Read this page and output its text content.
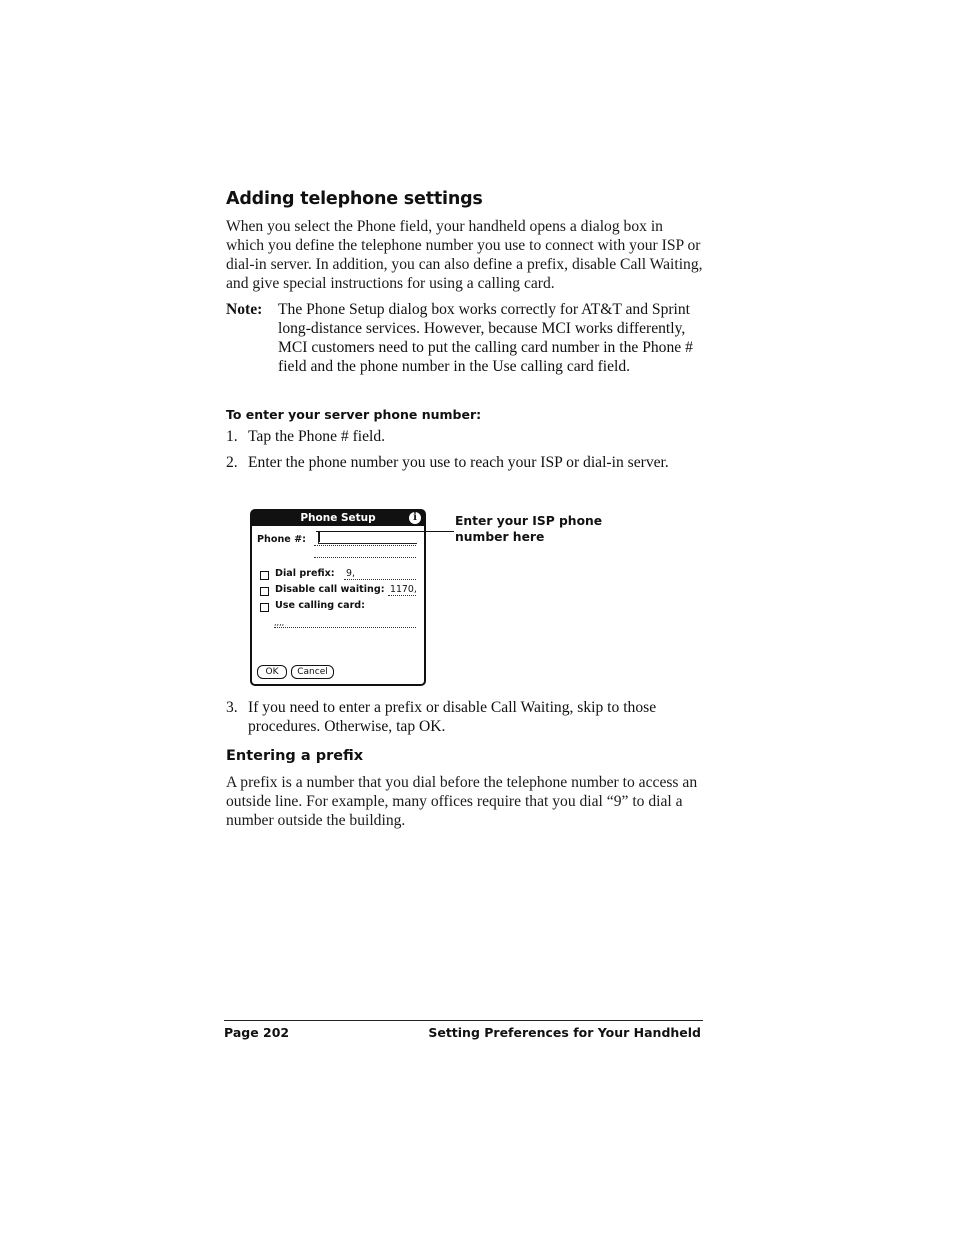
Adding telephone settings

When you select the Phone field, your handheld opens a dialog box in which you define the telephone number you use to connect with your ISP or dial-in server. In addition, you can also define a prefix, disable Call Waiting, and give special instructions for using a calling card.

Note: The Phone Setup dialog box works correctly for AT&T and Sprint long-distance services. However, because MCI works differently, MCI customers need to put the calling card number in the Phone # field and the phone number in the Use calling card field.

To enter your server phone number:
1. Tap the Phone # field.

2. Enter the phone number you use to reach your ISP or dial-in server.

Phone Setup	i
Phone #:
Dial prefix: 9,
Disable call waiting: 1170,
Use calling card:
,,,,
OK	Cancel
Enter your ISP phone
number here
3. If you need to enter a prefix or disable Call Waiting, skip to those procedures. Otherwise, tap OK.

Entering a prefix

A prefix is a number that you dial before the telephone number to access an outside line. For example, many offices require that you dial “9” to dial a number outside the building.

Page 202	Setting Preferences for Your Handheld
